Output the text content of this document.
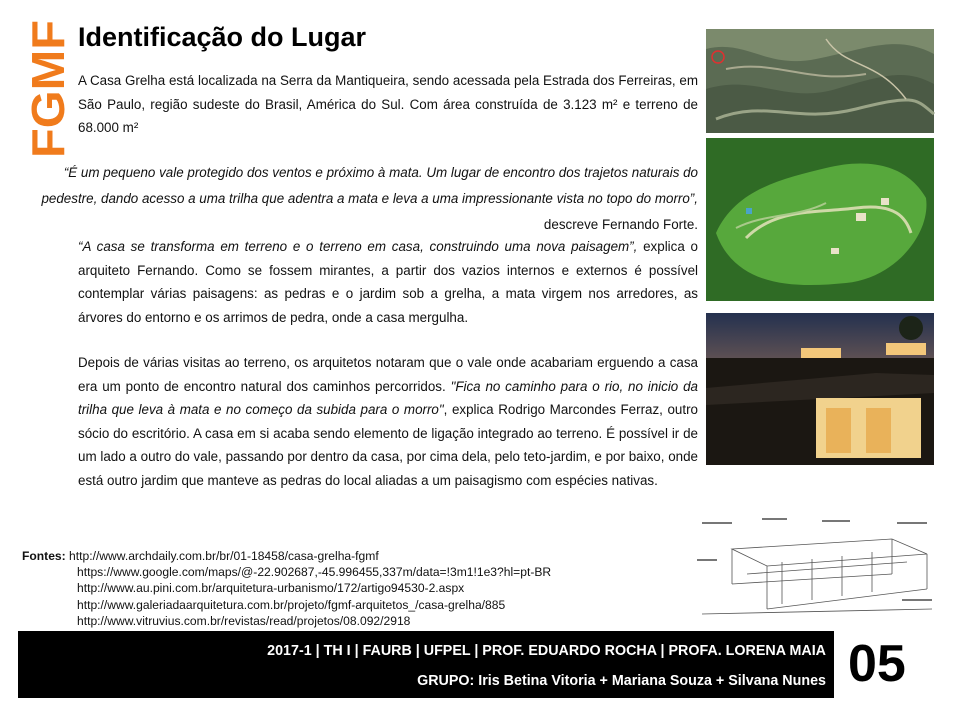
FGMF Identificação do Lugar

A Casa Grelha está localizada na Serra da Mantiqueira, sendo acessada pela Estrada dos Ferreiras, em São Paulo, região sudeste do Brasil, América do Sul. Com área construída de 3.123 m² e terreno de 68.000 m²

“É um pequeno vale protegido dos ventos e próximo à mata. Um lugar de encontro dos trajetos naturais do pedestre, dando acesso a uma trilha que adentra a mata e leva a uma impressionante vista no topo do morro”, descreve Fernando Forte.

“A casa se transforma em terreno e o terreno em casa, construindo uma nova paisagem”, explica o arquiteto Fernando. Como se fossem mirantes, a partir dos vazios internos e externos é possível contemplar várias paisagens: as pedras e o jardim sob a grelha, a mata virgem nos arredores, as árvores do entorno e os arrimos de pedra, onde a casa mergulha.

Depois de várias visitas ao terreno, os arquitetos notaram que o vale onde acabariam erguendo a casa era um ponto de encontro natural dos caminhos percorridos. "Fica no caminho para o rio, no inicio da trilha que leva à mata e no começo da subida para o morro", explica Rodrigo Marcondes Ferraz, outro sócio do escritório. A casa em si acaba sendo elemento de ligação integrado ao terreno. É possível ir de um lado a outro do vale, passando por dentro da casa, por cima dela, pelo teto-jardim, e por baixo, onde está outro jardim que manteve as pedras do local aliadas a um paisagismo com espécies nativas.

Fontes: http://www.archdaily.com.br/br/01-18458/casa-grelha-fgmf
https://www.google.com/maps/@-22.902687,-45.996455,337m/data=!3m1!1e3?hl=pt-BR
http://www.au.pini.com.br/arquitetura-urbanismo/172/artigo94530-2.aspx
http://www.galeriadaarquitetura.com.br/projeto/fgmf-arquitetos_/casa-grelha/885
http://www.vitruvius.com.br/revistas/read/projetos/08.092/2918
2017-1 | TH I | FAURB | UFPEL | PROF. EDUARDO ROCHA | PROFA. LORENA MAIA
GRUPO: Iris Betina Vitoria + Mariana Souza + Silvana Nunes 05
